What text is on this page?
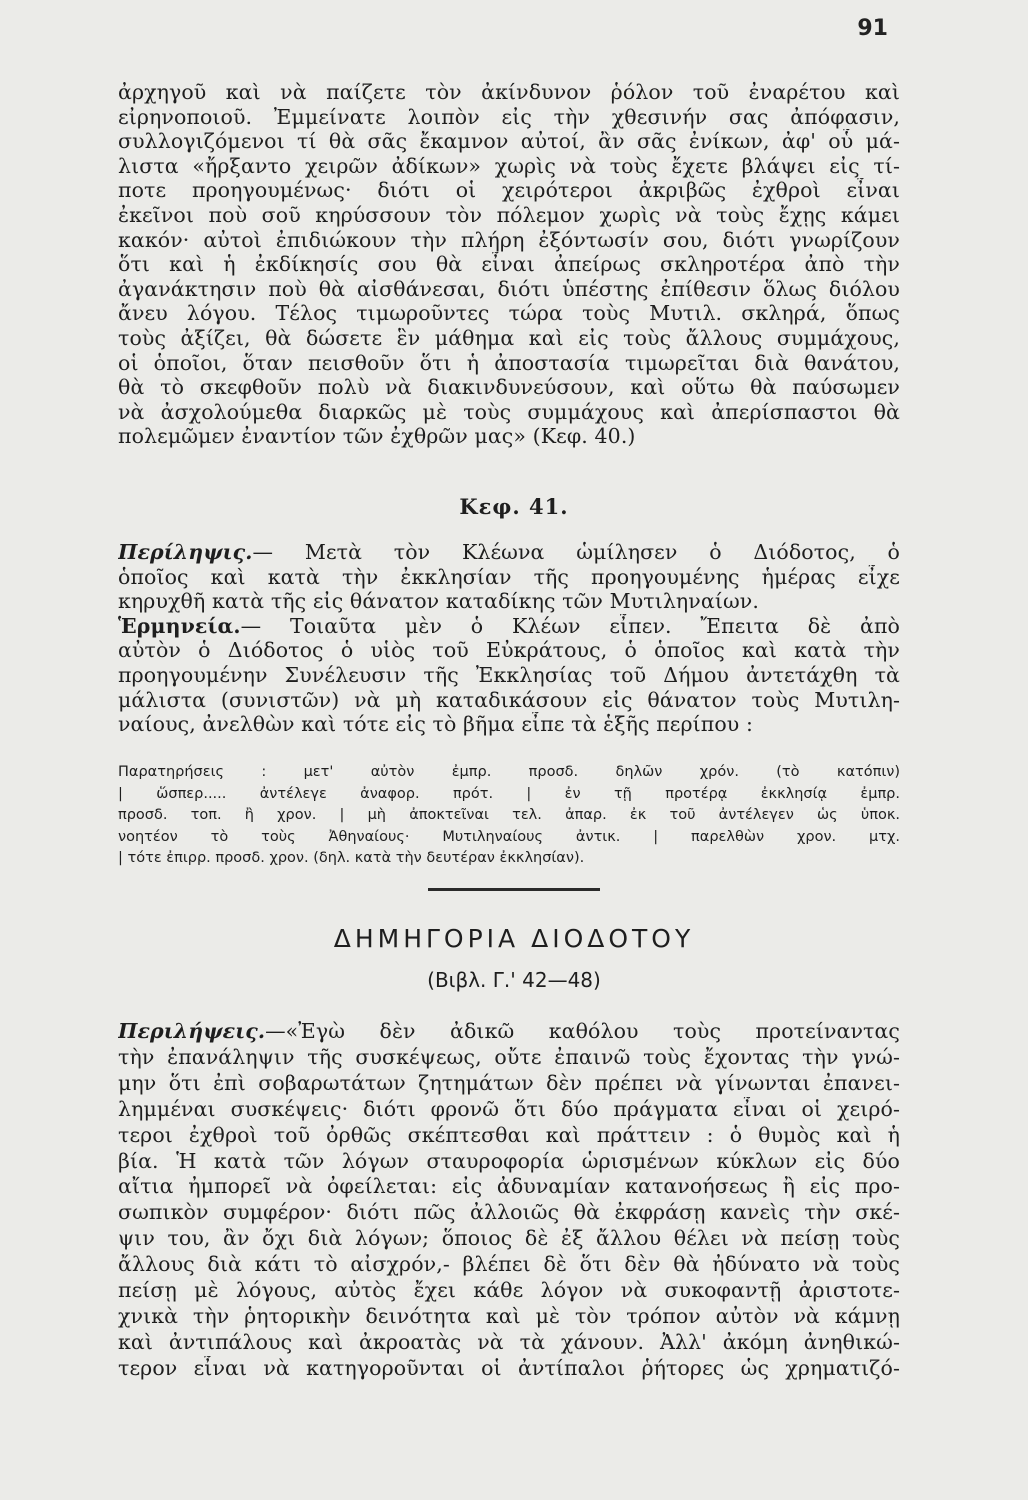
91
ἀρχηγοῦ καὶ νὰ παίζετε τὸν ἀκίνδυνον ῥόλον τοῦ ἐναρέτου καὶ
εἰρηνοποιοῦ. Ἐμμείνατε λοιπὸν εἰς τὴν χθεσινήν σας ἀπόφασιν,
συλλογιζόμενοι τί θὰ σᾶς ἔκαμνον αὐτοί, ἂν σᾶς ἐνίκων, ἀφ' οὗ μά-
λιστα «ἤρξαντο χειρῶν ἀδίκων» χωρὶς νὰ τοὺς ἔχετε βλάψει εἰς τί-
ποτε προηγουμένως· διότι οἱ χειρότεροι ἀκριβῶς ἐχθροὶ εἶναι
ἐκεῖνοι ποὺ σοῦ κηρύσσουν τὸν πόλεμον χωρὶς νὰ τοὺς ἔχῃς κάμει
κακόν· αὐτοὶ ἐπιδιώκουν τὴν πλήρη ἐξόντωσίν σου, διότι γνωρίζουν
ὅτι καὶ ἡ ἐκδίκησίς σου θὰ εἶναι ἀπείρως σκληροτέρα ἀπὸ τὴν
ἀγανάκτησιν ποὺ θὰ αἰσθάνεσαι, διότι ὑπέστης ἐπίθεσιν ὅλως διόλου
ἄνευ λόγου. Τέλος τιμωροῦντες τώρα τοὺς Μυτιλ. σκληρά, ὅπως
τοὺς ἀξίζει, θὰ δώσετε ἓν μάθημα καὶ εἰς τοὺς ἄλλους συμμάχους,
οἱ ὁποῖοι, ὅταν πεισθοῦν ὅτι ἡ ἀποστασία τιμωρεῖται διὰ θανάτου,
θὰ τὸ σκεφθοῦν πολὺ νὰ διακινδυνεύσουν, καὶ οὕτω θὰ παύσωμεν
νὰ ἀσχολούμεθα διαρκῶς μὲ τοὺς συμμάχους καὶ ἀπερίσπαστοι θὰ
πολεμῶμεν ἐναντίον τῶν ἐχθρῶν μας» (Κεφ. 40.)
Κεφ. 41.
Περίληψις.— Μετὰ τὸν Κλέωνα ὡμίλησεν ὁ Διόδοτος, ὁ
ὁποῖος καὶ κατὰ τὴν ἐκκλησίαν τῆς προηγουμένης ἡμέρας εἶχε
κηρυχθῆ κατὰ τῆς εἰς θάνατον καταδίκης τῶν Μυτιληναίων.
Ἑρμηνεία.— Τοιαῦτα μὲν ὁ Κλέων εἶπεν. Ἔπειτα δὲ ἀπὸ
αὐτὸν ὁ Διόδοτος ὁ υἱὸς τοῦ Εὐκράτους, ὁ ὁποῖος καὶ κατὰ τὴν
προηγουμένην Συνέλευσιν τῆς Ἐκκλησίας τοῦ Δήμου ἀντετάχθη τὰ
μάλιστα (συνιστῶν) νὰ μὴ καταδικάσουν εἰς θάνατον τοὺς Μυτιλη-
ναίους, ἀνελθὼν καὶ τότε εἰς τὸ βῆμα εἶπε τὰ ἑξῆς περίπου :
Παρατηρήσεις : μετ' αὐτὸν ἐμπρ. προσδ. δηλῶν χρόν. (τὸ κατόπιν)
| ὥσπερ..... ἀντέλεγε ἀναφορ. πρότ. | ἐν τῇ προτέρᾳ ἐκκλησίᾳ ἐμπρ.
προσδ. τοπ. ἢ χρον. | μὴ ἀποκτεῖναι τελ. ἀπαρ. ἐκ τοῦ ἀντέλεγεν ὡς ὑποκ.
νοητέον τὸ τοὺς Ἀθηναίους· Μυτιληναίους ἀντικ. | παρελθὼν χρον. μτχ.
| τότε ἐπιρρ. προσδ. χρον. (δηλ. κατὰ τὴν δευτέραν ἐκκλησίαν).
ΔΗΜΗΓΟΡΙΑ ΔΙΟΔΟΤΟΥ
(Βιβλ. Γ.' 42—48)
Περιλήψεις.—«Ἐγὼ δὲν ἀδικῶ καθόλου τοὺς προτείναντας
τὴν ἐπανάληψιν τῆς συσκέψεως, οὔτε ἐπαινῶ τοὺς ἔχοντας τὴν γνώ-
μην ὅτι ἐπὶ σοβαρωτάτων ζητημάτων δὲν πρέπει νὰ γίνωνται ἐπανει-
λημμέναι συσκέψεις· διότι φρονῶ ὅτι δύο πράγματα εἶναι οἱ χειρό-
τεροι ἐχθροὶ τοῦ ὀρθῶς σκέπτεσθαι καὶ πράττειν : ὁ θυμὸς καὶ ἡ
βία. Ἡ κατὰ τῶν λόγων σταυροφορία ὡρισμένων κύκλων εἰς δύο
αἴτια ἠμπορεῖ νὰ ὀφείλεται: εἰς ἀδυναμίαν κατανοήσεως ἢ εἰς προ-
σωπικὸν συμφέρον· διότι πῶς ἀλλοιῶς θὰ ἐκφράσῃ κανεὶς τὴν σκέ-
ψιν του, ἂν ὄχι διὰ λόγων; ὅποιος δὲ ἐξ ἄλλου θέλει νὰ πείσῃ τοὺς
ἄλλους διὰ κάτι τὸ αἰσχρόν,- βλέπει δὲ ὅτι δὲν θὰ ἠδύνατο νὰ τοὺς
πείσῃ μὲ λόγους, αὐτὸς ἔχει κάθε λόγον νὰ συκοφαντῇ ἀριστοτε-
χνικὰ τὴν ῥητορικὴν δεινότητα καὶ μὲ τὸν τρόπον αὐτὸν νὰ κάμνῃ
καὶ ἀντιπάλους καὶ ἀκροατὰς νὰ τὰ χάνουν. Ἀλλ' ἀκόμη ἀνηθικώ-
τερον εἶναι νὰ κατηγοροῦνται οἱ ἀντίπαλοι ῥήτορες ὡς χρηματιζό-
